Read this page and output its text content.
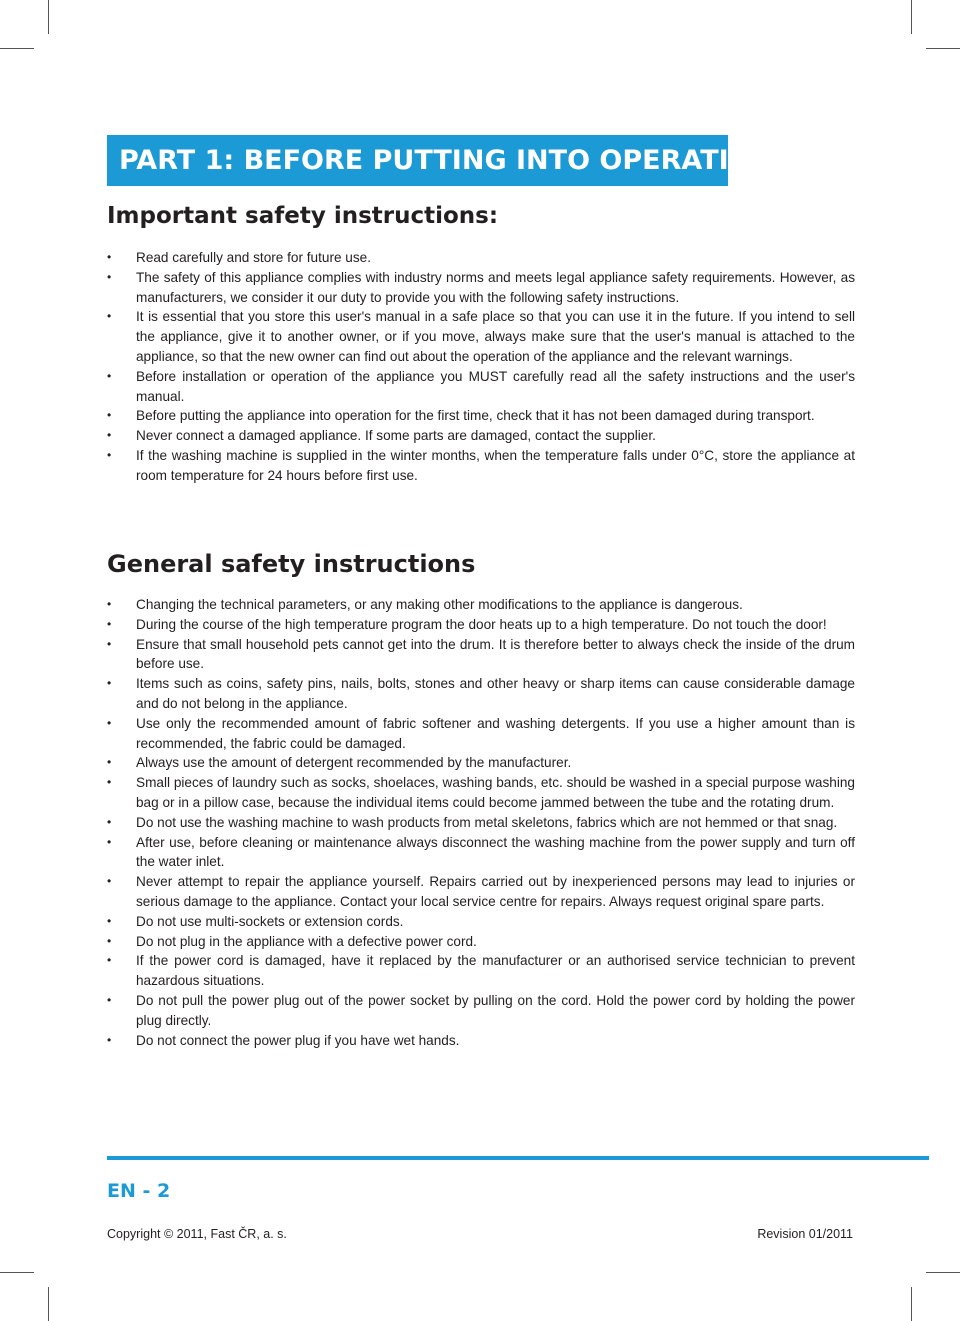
PART 1: BEFORE PUTTING INTO OPERATION
Important safety instructions:
• Read carefully and store for future use.
• The safety of this appliance complies with industry norms and meets legal appliance safety requirements. However, as manufacturers, we consider it our duty to provide you with the following safety instructions.
• It is essential that you store this user's manual in a safe place so that you can use it in the future. If you intend to sell the appliance, give it to another owner, or if you move, always make sure that the user's manual is attached to the appliance, so that the new owner can find out about the operation of the appliance and the relevant warnings.
• Before installation or operation of the appliance you MUST carefully read all the safety instructions and the user's manual.
• Before putting the appliance into operation for the first time, check that it has not been damaged during transport.
• Never connect a damaged appliance. If some parts are damaged, contact the supplier.
• If the washing machine is supplied in the winter months, when the temperature falls under 0°C, store the appliance at room temperature for 24 hours before first use.
General safety instructions
• Changing the technical parameters, or any making other modifications to the appliance is dangerous.
• During the course of the high temperature program the door heats up to a high temperature. Do not touch the door!
• Ensure that small household pets cannot get into the drum. It is therefore better to always check the inside of the drum before use.
• Items such as coins, safety pins, nails, bolts, stones and other heavy or sharp items can cause considerable damage and do not belong in the appliance.
• Use only the recommended amount of fabric softener and washing detergents. If you use a higher amount than is recommended, the fabric could be damaged.
• Always use the amount of detergent recommended by the manufacturer.
• Small pieces of laundry such as socks, shoelaces, washing bands, etc. should be washed in a special purpose washing bag or in a pillow case, because the individual items could become jammed between the tube and the rotating drum.
• Do not use the washing machine to wash products from metal skeletons, fabrics which are not hemmed or that snag.
• After use, before cleaning or maintenance always disconnect the washing machine from the power supply and turn off the water inlet.
• Never attempt to repair the appliance yourself. Repairs carried out by inexperienced persons may lead to injuries or serious damage to the appliance. Contact your local service centre for repairs. Always request original spare parts.
• Do not use multi-sockets or extension cords.
• Do not plug in the appliance with a defective power cord.
• If the power cord is damaged, have it replaced by the manufacturer or an authorised service technician to prevent hazardous situations.
• Do not pull the power plug out of the power socket by pulling on the cord. Hold the power cord by holding the power plug directly.
• Do not connect the power plug if you have wet hands.
EN - 2
Copyright © 2011, Fast ČR, a. s.	Revision 01/2011
